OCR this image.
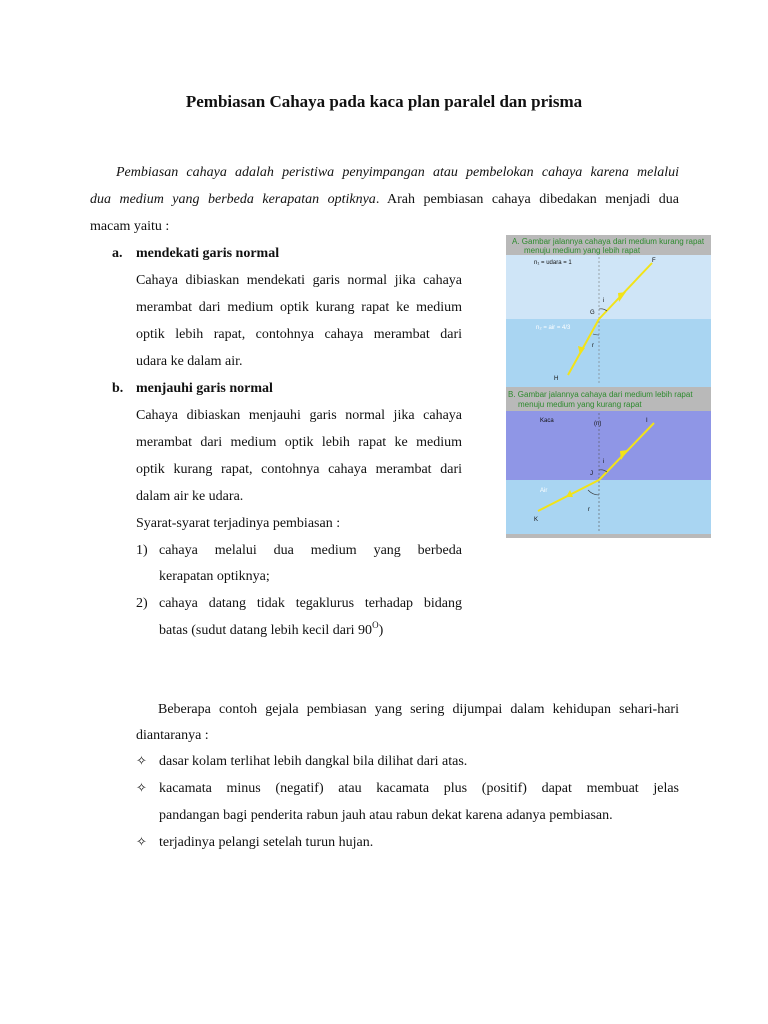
Pembiasan Cahaya pada kaca plan paralel dan prisma
Pembiasan cahaya adalah peristiwa penyimpangan atau pembelokan cahaya karena melalui
dua medium yang berbeda kerapatan optiknya. Arah pembiasan cahaya dibedakan menjadi dua
macam yaitu :
a. mendekati garis normal
Cahaya dibiaskan mendekati garis normal jika cahaya
merambat dari medium optik kurang rapat ke medium
optik lebih rapat, contohnya cahaya merambat dari
udara ke dalam air.
b. menjauhi garis normal
Cahaya dibiaskan menjauhi garis normal jika cahaya
merambat dari medium optik lebih rapat ke medium
optik kurang rapat, contohnya cahaya merambat dari
dalam air ke udara.
Syarat-syarat terjadinya pembiasan :
1) cahaya melalui dua medium yang berbeda
kerapatan optiknya;
2) cahaya datang tidak tegaklurus terhadap bidang
batas (sudut datang lebih kecil dari $90^O$)
Beberapa contoh gejala pembiasan yang sering dijumpai dalam kehidupan sehari-hari
diantaranya :
✧ dasar kolam terlihat lebih dangkal bila dilihat dari atas.
✧ kacamata minus (negatif) atau kacamata plus (positif) dapat membuat jelas
pandangan bagi penderita rabun jauh atau rabun dekat karena adanya pembiasan.
✧ terjadinya pelangi setelah turun hujan.
A. Gambar jalannya cahaya dari medium kurang rapat
menuju medium yang lebih rapat
n₁ = udara = 1
n₂ = air = 4/3
F
G
H
i
r
B. Gambar jalannya cahaya dari medium lebih rapat
menuju medium yang kurang rapat
Kaca	(n)
Air
I
J
K
i
r
